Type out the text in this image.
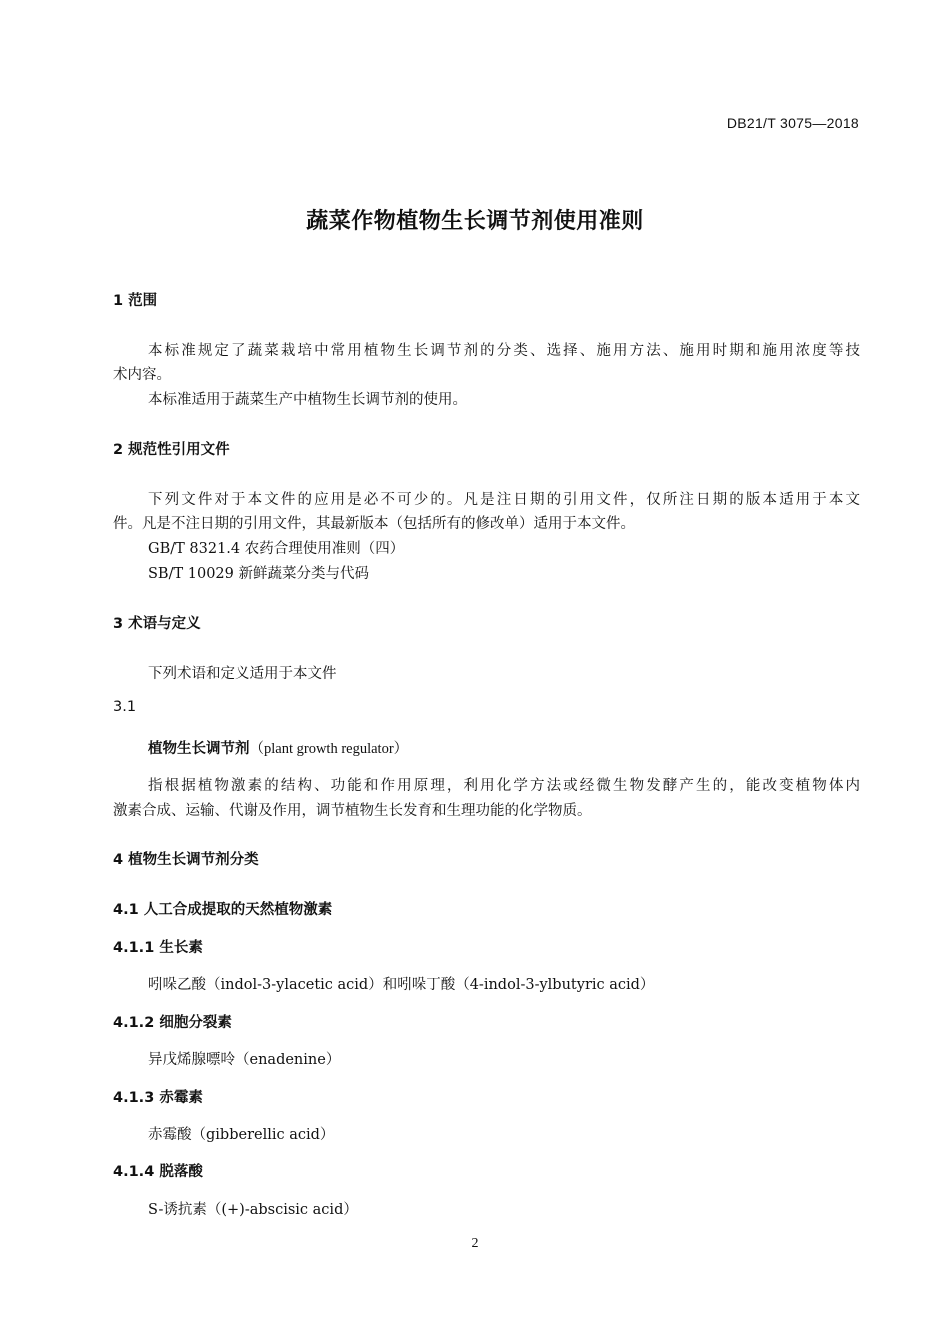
DB21/T 3075—2018
蔬菜作物植物生长调节剂使用准则
1 范围
本标准规定了蔬菜栽培中常用植物生长调节剂的分类、选择、施用方法、施用时期和施用浓度等技
术内容。
本标准适用于蔬菜生产中植物生长调节剂的使用。
2 规范性引用文件
下列文件对于本文件的应用是必不可少的。凡是注日期的引用文件，仅所注日期的版本适用于本文
件。凡是不注日期的引用文件，其最新版本（包括所有的修改单）适用于本文件。
GB/T 8321.4 农药合理使用准则（四）
SB/T 10029 新鲜蔬菜分类与代码
3 术语与定义
下列术语和定义适用于本文件
3.1
植物生长调节剂（plant growth regulator）
指根据植物激素的结构、功能和作用原理，利用化学方法或经微生物发酵产生的，能改变植物体内
激素合成、运输、代谢及作用，调节植物生长发育和生理功能的化学物质。
4 植物生长调节剂分类
4.1 人工合成提取的天然植物激素
4.1.1 生长素
吲哚乙酸（indol-3-ylacetic acid）和吲哚丁酸（4-indol-3-ylbutyric acid）
4.1.2 细胞分裂素
异戊烯腺嘌呤（enadenine）
4.1.3 赤霉素
赤霉酸（gibberellic acid）
4.1.4 脱落酸
S-诱抗素（(+)-abscisic acid）
2
